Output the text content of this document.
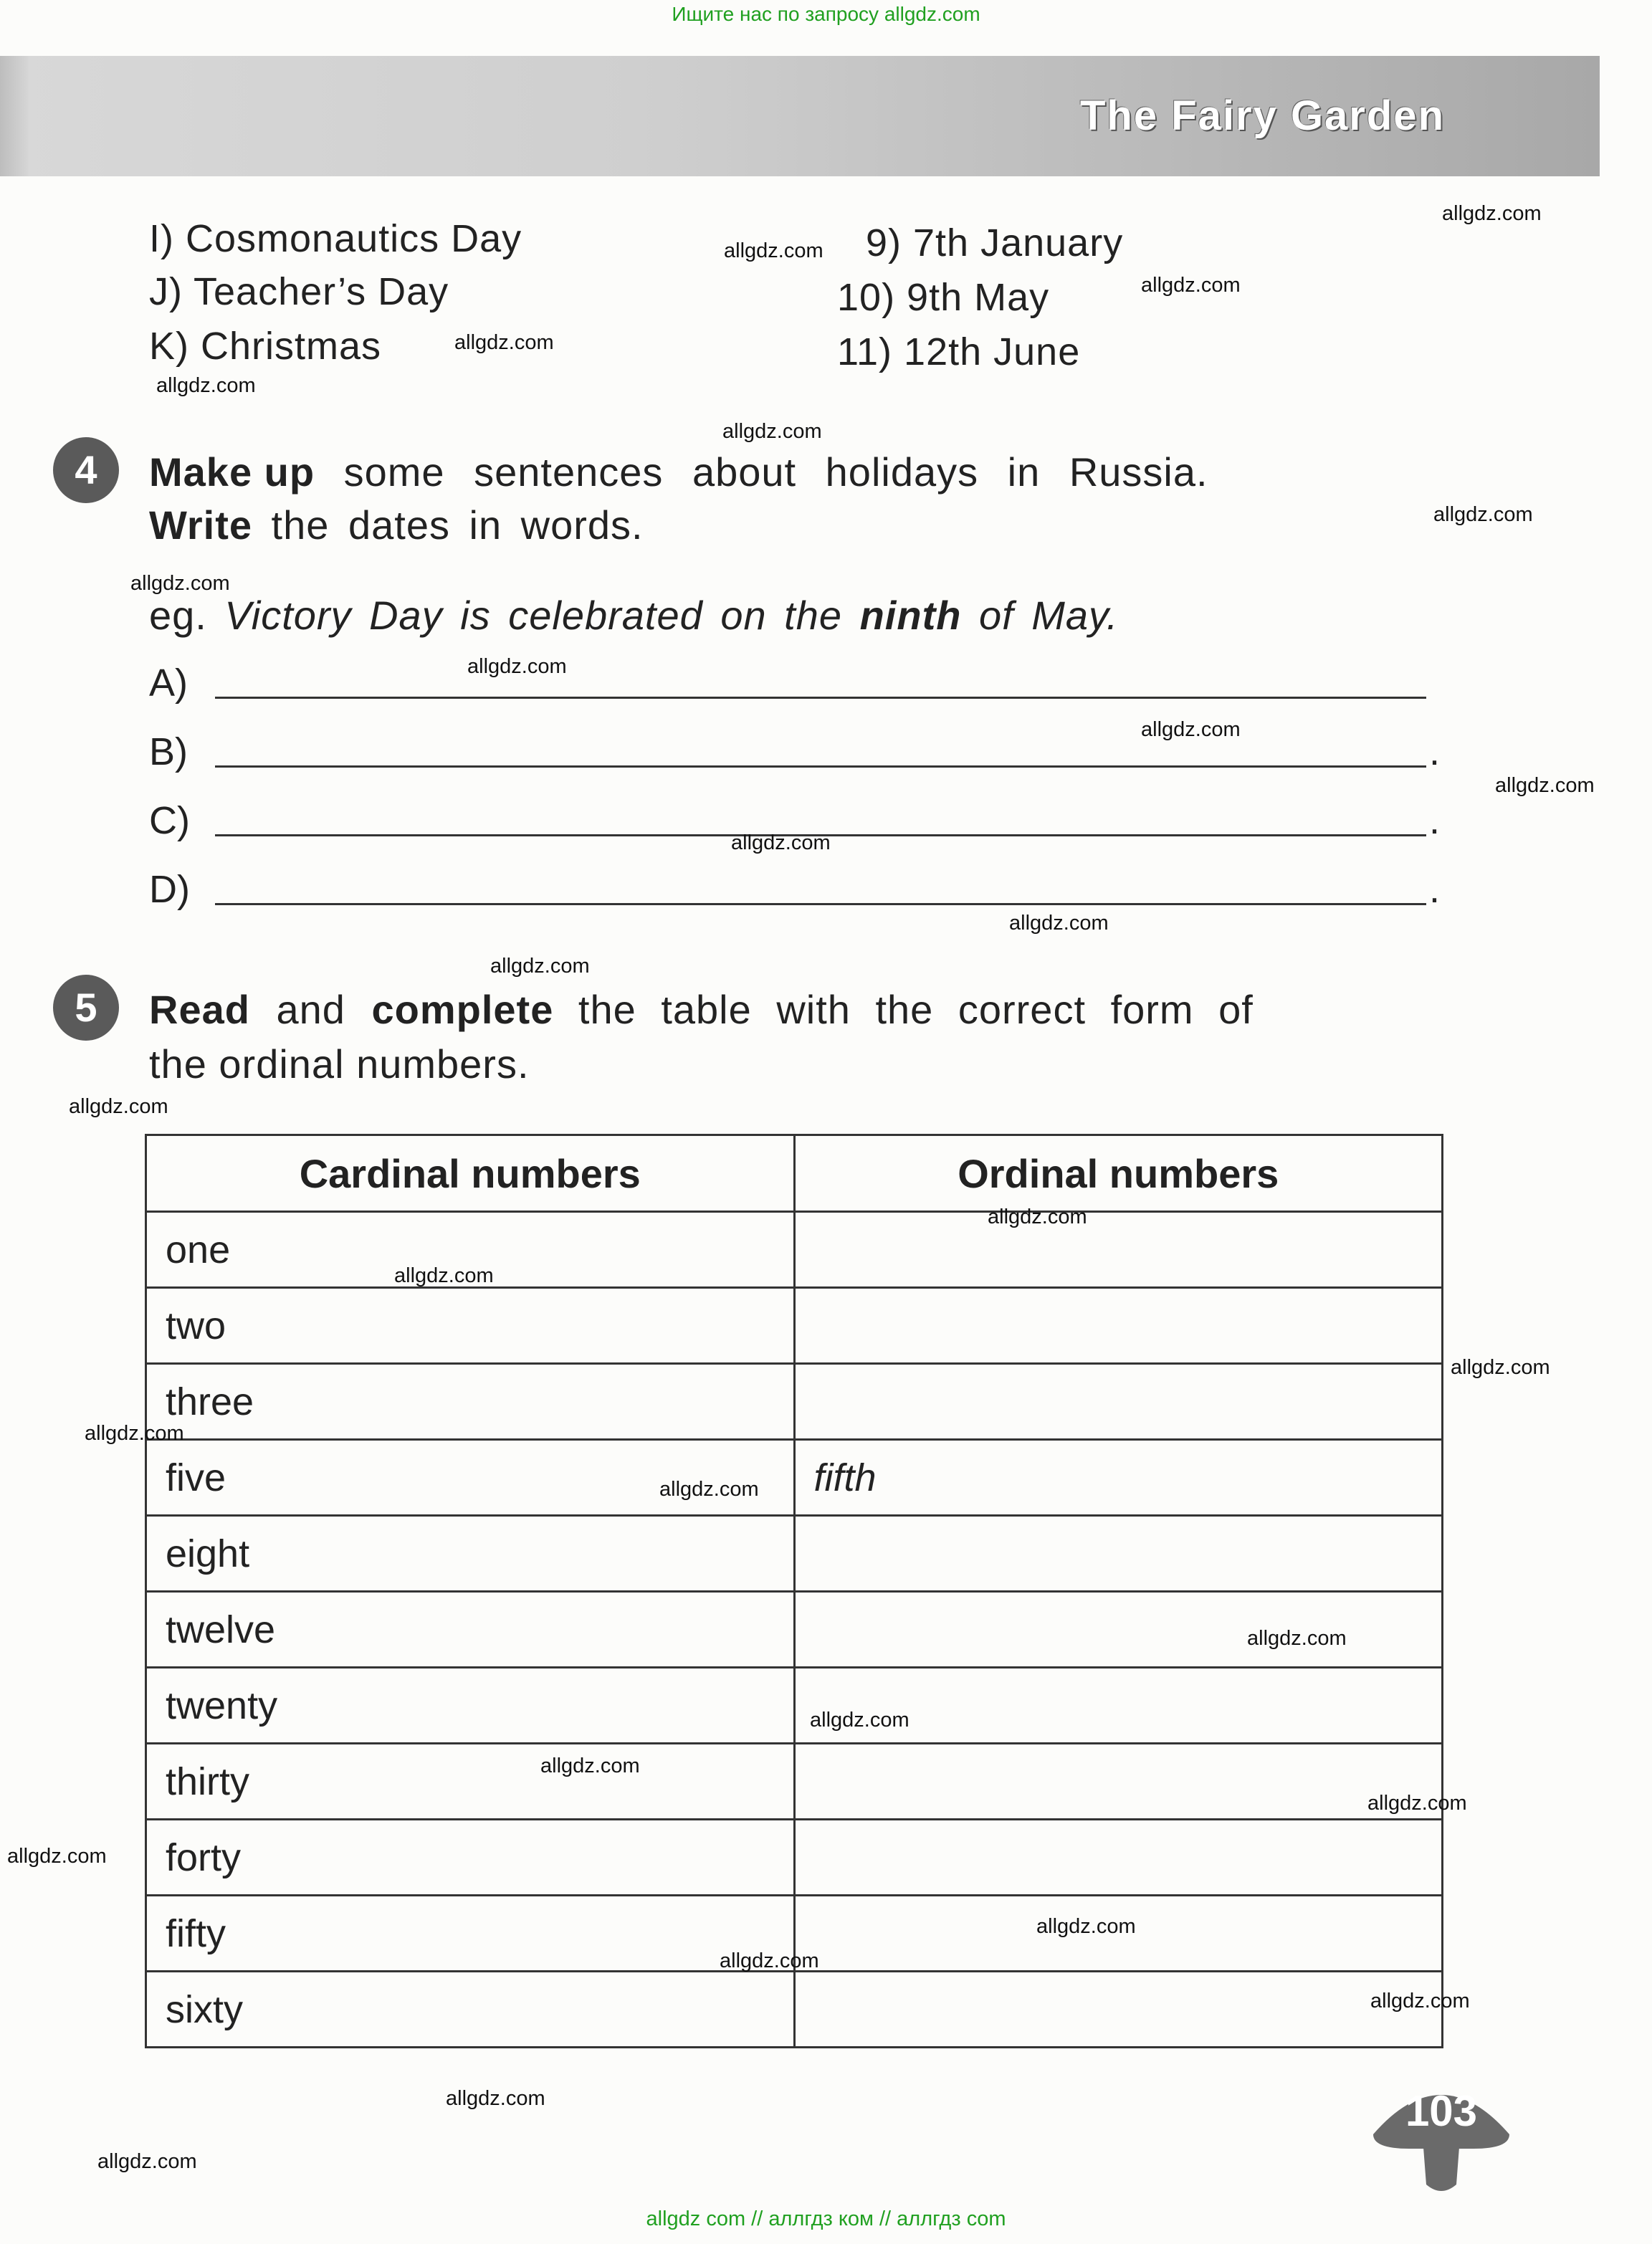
Ищите нас по запросу allgdz.com
allgdz com // аллгдз ком // аллгдз com
The Fairy Garden
I) Cosmonautics Day
J) Teacher’s Day
K) Christmas
9) 7th January
10) 9th May
11) 12th June
4	Make up some sentences about holidays in Russia.
Write the dates in words.
eg. Victory Day is celebrated on the ninth of May.
A)
B)	.
C)	.
D)	.
5	Read and complete the table with the correct form of
the ordinal numbers.
Cardinal numbers	Ordinal numbers
one	
two	
three	
five	fifth
eight	
twelve	
twenty	
thirty	
forty	
fifty	
sixty	
103
allgdz.com
allgdz.com
allgdz.com
allgdz.com
allgdz.com
allgdz.com
allgdz.com
allgdz.com
allgdz.com
allgdz.com
allgdz.com
allgdz.com
allgdz.com
allgdz.com
allgdz.com
allgdz.com
allgdz.com
allgdz.com
allgdz.com
allgdz.com
allgdz.com
allgdz.com
allgdz.com
allgdz.com
allgdz.com
allgdz.com
allgdz.com
allgdz.com
allgdz.com
allgdz.com
